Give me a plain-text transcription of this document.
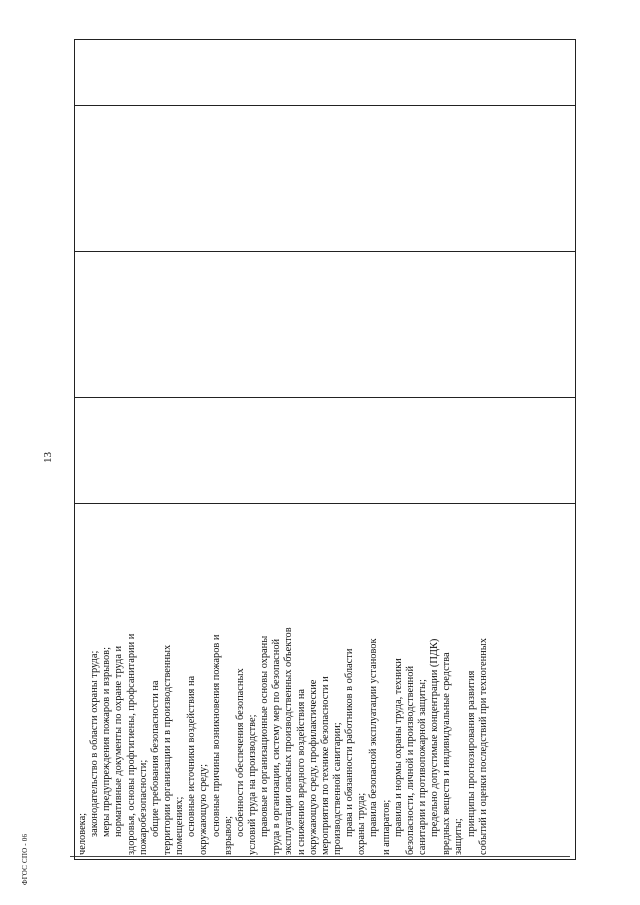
ФГОС СПО - 06
13
человека; законодательство в области охраны труда; меры предупреждения пожаров и взрывов; нормативные документы по охране труда и здоровья, основы профгигиены, профсанитарии и пожаробезопасности; общие требования безопасности на территории организации и в производственных помещениях; основные источники воздействия на окружающую среду; основные причины возникновения пожаров и взрывов; особенности обеспечения безопасных условий труда на производстве; правовые и организационные основы охраны труда в организации, систему мер по безопасной эксплуатации опасных производственных объектов и снижению вредного воздействия на окружающую среду, профилактические мероприятия по технике безопасности и производственной санитарии; права и обязанности работников в области охраны труда; правила безопасной эксплуатации установок и аппаратов; правила и нормы охраны труда, техники безопасности, личной и производственной санитарии и противопожарной защиты; предельно допустимые концентрации (ПДК) вредных веществ и индивидуальные средства защиты; принципы прогнозирования развития событий и оценки последствий при техногенных
